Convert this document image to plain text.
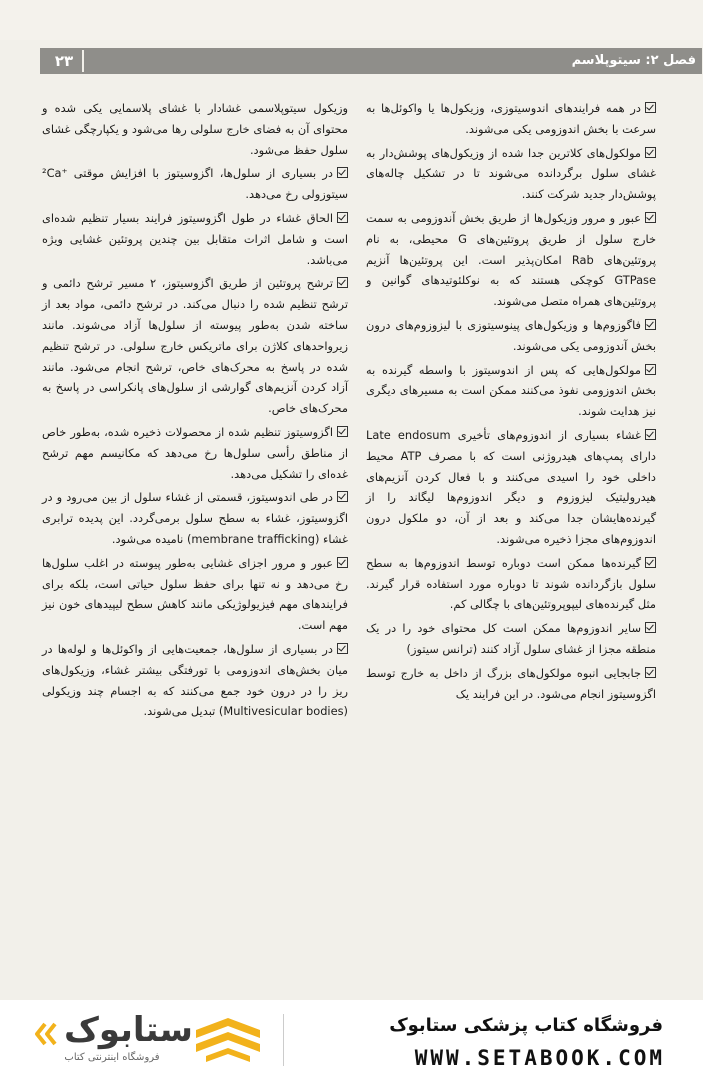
۲۳	فصل ۲: سیتوپلاسم

در همه فرایندهای اندوسیتوزی، وزیکول‌ها یا واکوئل‌ها به سرعت با بخش اندوزومی یکی می‌شوند.

مولکول‌های کلاترین جدا شده از وزیکول‌های پوشش‌دار به غشای سلول برگردانده می‌شوند تا در تشکیل چاله‌های پوشش‌دار جدید شرکت کنند.

عبور و مرور وزیکول‌ها از طریق بخش آندوزومی به سمت خارج سلول از طریق پروتئین‌های G محیطی، به نام پروتئین‌های Rab امکان‌پذیر است. این پروتئین‌ها آنزیم GTPase کوچکی هستند که به نوکلئوتیدهای گوانین و پروتئین‌های همراه متصل می‌شوند.

فاگوزوم‌ها و وزیکول‌های پینوسیتوزی با لیزوزوم‌های درون بخش آندوزومی یکی می‌شوند.

مولکول‌هایی که پس از اندوسیتوز با واسطه گیرنده به بخش اندوزومی نفوذ می‌کنند ممکن است به مسیرهای دیگری نیز هدایت شوند.

غشاء بسیاری از اندوزوم‌های تأخیری Late endosum دارای پمپ‌های هیدروژنی است که با مصرف ATP محیط داخلی خود را اسیدی می‌کنند و با فعال کردن آنزیم‌های هیدرولیتیک لیزوزوم و دیگر اندوزوم‌ها لیگاند را از گیرنده‌هایشان جدا می‌کند و بعد از آن، دو ملکول درون اندوزوم‌های مجزا ذخیره می‌شوند.

گیرنده‌ها ممکن است دوباره توسط اندوزوم‌ها به سطح سلول بازگردانده شوند تا دوباره مورد استفاده قرار گیرند. مثل گیرنده‌های لیپوپروتئین‌های با چگالی کم.

سایر اندوزوم‌ها ممکن است کل محتوای خود را در یک منطقه مجزا از غشای سلول آزاد کنند (ترانس سیتوز)

جابجایی انبوه مولکول‌های بزرگ از داخل به خارج توسط اگزوسیتوز انجام می‌شود. در این فرایند یک

وزیکول سیتوپلاسمی غشادار با غشای پلاسمایی یکی شده و محتوای آن به فضای خارج سلولی رها می‌شود و یکپارچگی غشای سلول حفظ می‌شود.

در بسیاری از سلول‌ها، اگزوسیتوز با افزایش موقتی ⁺²Ca سیتوزولی رخ می‌دهد.

الحاق غشاء در طول اگزوسیتوز فرایند بسیار تنظیم شده‌ای است و شامل اثرات متقابل بین چندین پروتئین غشایی ویژه می‌باشد.

ترشح پروتئین از طریق اگزوسیتوز، ۲ مسیر ترشح دائمی و ترشح تنظیم شده را دنبال می‌کند. در ترشح دائمی، مواد بعد از ساخته شدن به‌طور پیوسته از سلول‌ها آزاد می‌شوند. مانند زیرواحدهای کلاژن برای ماتریکس خارج سلولی. در ترشح تنظیم شده در پاسخ به محرک‌های خاص، ترشح انجام می‌شود. مانند آزاد کردن آنزیم‌های گوارشی از سلول‌های پانکراسی در پاسخ به محرک‌های خاص.

اگزوسیتوز تنظیم شده از محصولات ذخیره شده، به‌طور خاص از مناطق رأسی سلول‌ها رخ می‌دهد که مکانیسم مهم ترشح غده‌ای را تشکیل می‌دهد.

در طی اندوسیتوز، قسمتی از غشاء سلول از بین می‌رود و در اگزوسیتوز، غشاء به سطح سلول برمی‌گردد. این پدیده ترابری غشاء (membrane trafficking) نامیده می‌شود.

عبور و مرور اجزای غشایی به‌طور پیوسته در اغلب سلول‌ها رخ می‌دهد و نه تنها برای حفظ سلول حیاتی است، بلکه برای فرایندهای مهم فیزیولوژیکی مانند کاهش سطح لیپیدهای خون نیز مهم است.

در بسیاری از سلول‌ها، جمعیت‌هایی از واکوئل‌ها و لوله‌ها در میان بخش‌های اندوزومی با تورفتگی بیشتر غشاء، وزیکول‌های ریز را در درون خود جمع می‌کنند که به اجسام چند وزیکولی (Multivesicular bodies) تبدیل می‌شوند.

ستابوک
فروشگاه اینترنتی کتاب
فروشگاه کتاب پزشکی ستابوک
WWW.SETABOOK.COM
